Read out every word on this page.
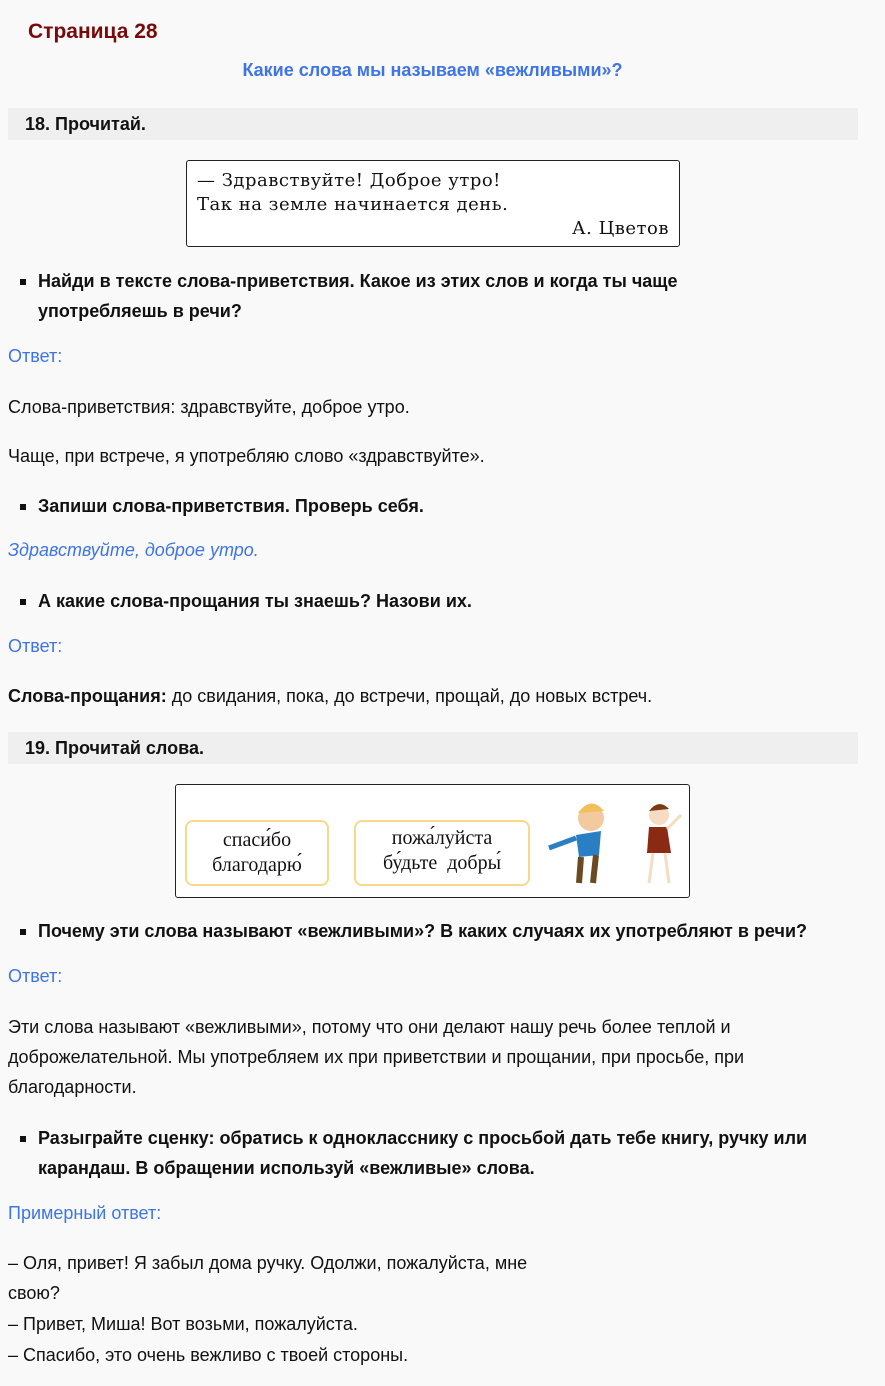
Страница 28
Какие слова мы называем «вежливыми»?
18. Прочитай.
— Здравствуйте! Доброе утро!
Так на земле начинается день.
А. Цветов
Найди в тексте слова-приветствия. Какое из этих слов и когда ты чаще употребляешь в речи?
Ответ:
Слова-приветствия: здравствуйте, доброе утро.
Чаще, при встрече, я употребляю слово «здравствуйте».
Запиши слова-приветствия. Проверь себя.
Здравствуйте, доброе утро.
А какие слова-прощания ты знаешь? Назови их.
Ответ:
Слова-прощания: до свидания, пока, до встречи, прощай, до новых встреч.
19. Прочитай слова.
спаси́бо
благодарю́
пожа́луйста
бу́дьте  добры́
Почему эти слова называют «вежливыми»? В каких случаях их употребляют в речи?
Ответ:
Эти слова называют «вежливыми», потому что они делают нашу речь более теплой и доброжелательной. Мы употребляем их при приветствии и прощании, при просьбе, при благодарности.
Разыграйте сценку: обратись к однокласснику с просьбой дать тебе книгу, ручку или карандаш. В обращении используй «вежливые» слова.
Примерный ответ:
– Оля, привет! Я забыл дома ручку. Одолжи, пожалуйста, мне свою?
– Привет, Миша! Вот возьми, пожалуйста.
– Спасибо, это очень вежливо с твоей стороны.
